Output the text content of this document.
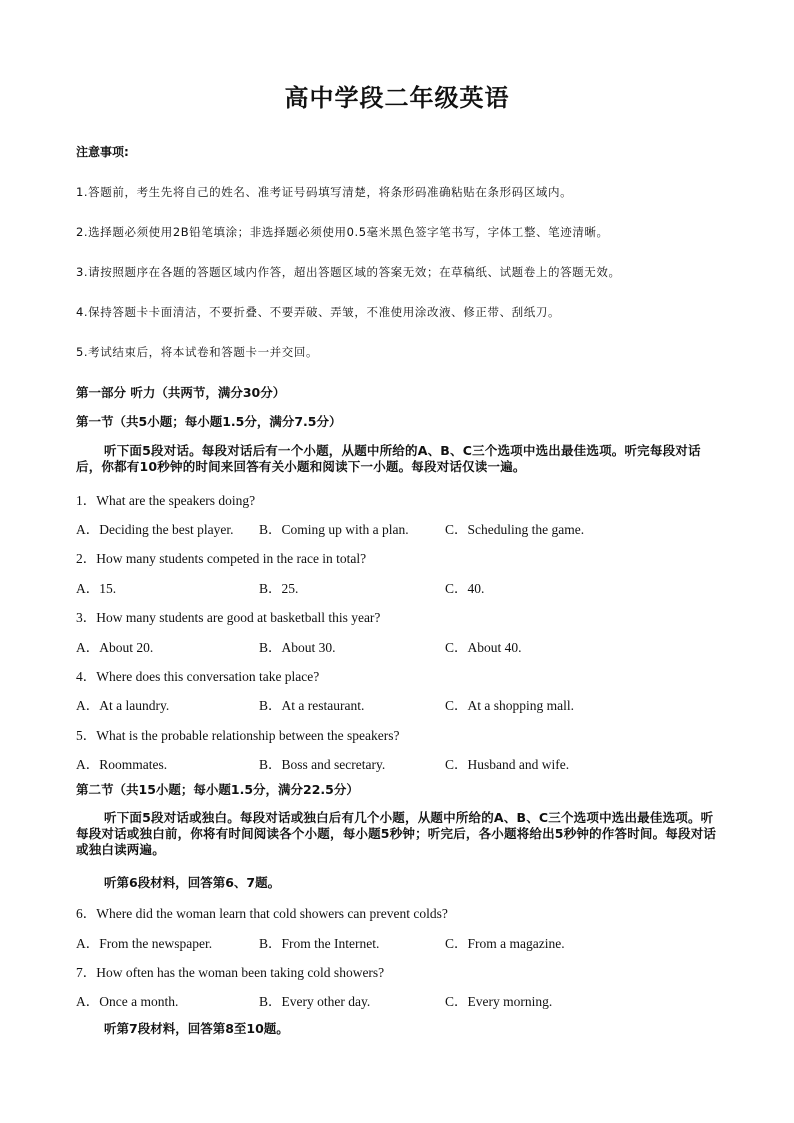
高中学段二年级英语
注意事项:
1.答题前，考生先将自己的姓名、准考证号码填写清楚，将条形码准确粘贴在条形码区域内。
2.选择题必须使用2B铅笔填涂；非选择题必须使用0.5毫米黑色签字笔书写，字体工整、笔迹清晰。
3.请按照题序在各题的答题区域内作答，超出答题区域的答案无效；在草稿纸、试题卷上的答题无效。
4.保持答题卡卡面清洁，不要折叠、不要弄破、弄皱，不准使用涂改液、修正带、刮纸刀。
5.考试结束后，将本试卷和答题卡一并交回。
第一部分 听力（共两节，满分30分）
第一节（共5小题；每小题1.5分，满分7.5分）
听下面5段对话。每段对话后有一个小题，从题中所给的A、B、C三个选项中选出最佳选项。听完每段对话后，你都有10秒钟的时间来回答有关小题和阅读下一小题。每段对话仅读一遍。
1．What are the speakers doing?
A．Deciding the best player. B．Coming up with a plan.	C．Scheduling the game.
2．How many students competed in the race in total?
A．15.	B．25.	C．40.
3．How many students are good at basketball this year?
A．About 20.	B．About 30.	C．About 40.
4．Where does this conversation take place?
A．At a laundry.	B．At a restaurant.	C．At a shopping mall.
5．What is the probable relationship between the speakers?
A．Roommates.	B．Boss and secretary.	C．Husband and wife.
第二节（共15小题；每小题1.5分，满分22.5分）
听下面5段对话或独白。每段对话或独白后有几个小题，从题中所给的A、B、C三个选项中选出最佳选项。听每段对话或独白前，你将有时间阅读各个小题，每小题5秒钟；听完后，各小题将给出5秒钟的作答时间。每段对话或独白读两遍。
听第6段材料，回答第6、7题。
6．Where did the woman learn that cold showers can prevent colds?
A．From the newspaper.	B．From the Internet.	C．From a magazine.
7．How often has the woman been taking cold showers?
A．Once a month.	B．Every other day.	C．Every morning.
听第7段材料，回答第8至10题。
